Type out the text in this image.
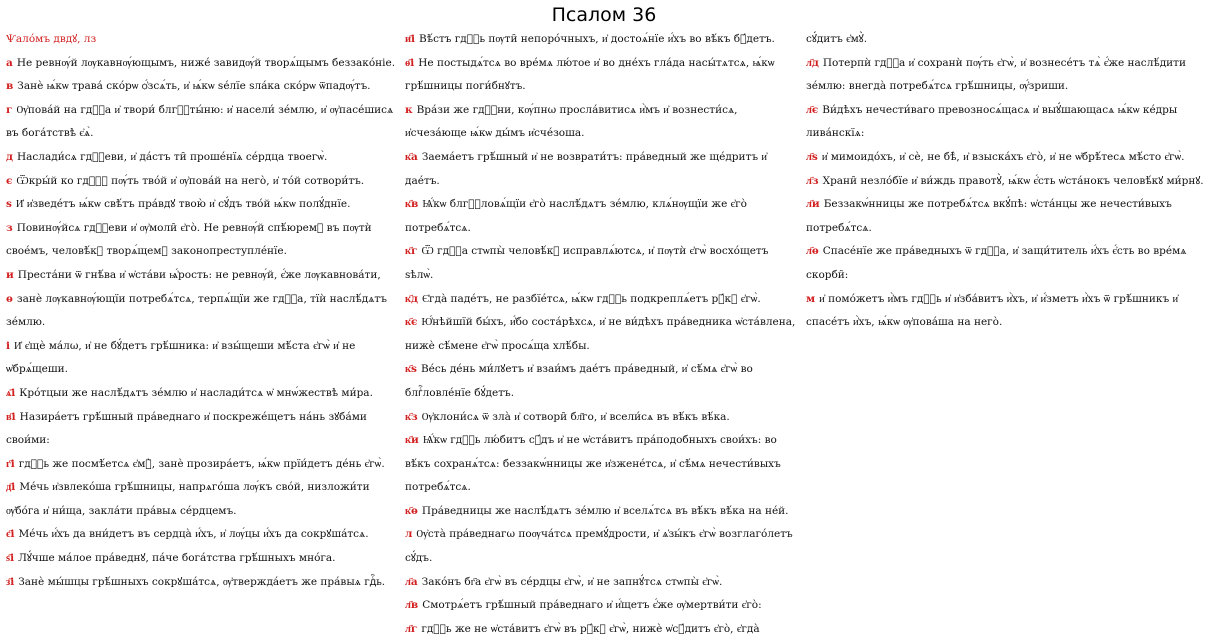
Псалом 36

Ѱалóмъ двдꙋ, лз

а Не ревнѹ́й лѹкавнѹ́ющымъ, нижé завидѹ́й творѧ́щымъ беззакóніе.

в Занѐ ѩ́кѡ травá скóрѡ ѻ҆́зсѧ́ть, и҆ ѩ́кѡ ѕе́лїе ѕла́ка скóрѡ ѿпадѹ́тъ.

г Ѹ҆пова́й на гдⷭ҇а и҆ твори́ блгⷭ҇ты́ню: и҆ насели́ зе́млю, и҆ ѹ҆пасе́шисѧ въ богáтствѣ є҆ѧ̀.

д Наслади́сѧ гдⷭ҇еви, и҆ да́стъ ти̑ проше́нїѧ се́рдца твоегѡ̀.

є Ѿкры́й ко гдⷭ҇ꙋ пѹ́ть тво́й и҆ ѹ҆пова́й на него̀, и҆ то́й сотвори́тъ.

ѕ И҆ и҆зведе́тъ ѩ́кѡ свѣ́тъ пра́вдꙋ твою̀ и҆ сꙋ́дъ тво́й ѩ́кѡ полꙋ́днїе.

з Повинѹ́йсѧ гдⷭ҇еви и҆ ѹ҆моли̑ є҆го̀. Не ревнѹ́й спѣ́юремꙋ въ пѹтѝ свое́мъ, человѣ́кꙋ творѧ́щемꙋ законопреступле́нїе.

и Преста́ни ѿ гнѣ́ва и҆ ѡ҆ста́ви ѩ҆́рость: не ревнѹ́й, є҆́же лѹкавнова́ти,

ѳ занѐ лѹкавнѹ́ющїи потребѧ́тсѧ, терпѧ́щїи же гдⷭ҇а, тїѝ наслѣ́дѧтъ зе́млю.

і И҆ є҆щѐ ма́лω, и҆ не бꙋ́детъ грѣ́шника: и҆ взы́щеши мѣ́ста є҆гѡ̀ и҆ не ѡ҆брѧ́щеши.

ѧ҃і Кро́тцыи же наслѣ́дѧтъ зе́млю и҆ наслади́тсѧ ѡ҆ мнѡ́жествѣ ми́ра.

в҃і Назира́етъ грѣ́шный пра́веднаго и҆ поскреже́щетъ на́нь зꙋба́ми свои́ми:

г҃і гдⷭ҇ь же посмѣ́етсѧ є҆мꙋ̀, занѐ прозира́етъ, ѩ́кѡ прїи́детъ де́нь є҆гѡ̀.

д҃і Ме́чь и҆звлеко́ша грѣ́шницы, напрѧго́ша лѹ́къ сво́й, низложи́ти ѹ҆бо́га и҆ ни́ща, закла́ти пра́выѧ се́рдцемъ.

є҃і Ме́чь и҆́хъ да вни́детъ въ сердца̀ и҆́хъ, и҆ лѹ́цы и҆́хъ да сокрꙋша́тсѧ.

ѕ҃і Лꙋ́чше ма́лое пра́веднꙋ, па́че бога́тства грѣ́шныхъ мно́га.

з҃і Занѐ мы́шцы грѣ́шныхъ сокрꙋша́тсѧ, ѹ҆твержда́етъ же пра́выѧ гдⷭ҇ь.

и҃і Вѣ́стъ гдⷭ҇ь пѹти̑ непоро́чныхъ, и҆ достоѧ́нїе и҆́хъ во вѣ́къ бꙋ́детъ.

ѳ҃і Не постыдѧ́тсѧ во вре́мѧ лю́тое и҆ во дне́хъ гла́да насы́тѧтсѧ, ѩ́кѡ грѣ́шницы поги́бнꙋтъ.

к Вра́зи же гдⷭ҇ни, кѹ́пнω просла́витисѧ и҆̀мъ и҆ вознести́сѧ, и҆счеза́юще ѩ́кѡ ды́мъ и҆сче́зоша.

к҃а Заема́етъ грѣ́шный и҆ не возврати́тъ: пра́ведный же ще́дритъ и҆ дае́тъ.

к҃в Ѩ҆́кѡ блгⷭ҇ловѧ́щїи є҆го̀ наслѣ́дѧтъ зе́млю, клѧ́нѹщїи же є҆го̀ потребѧ́тсѧ.

к҃г Ѿ гдⷭ҇а стѡпы̀ человѣ́кꙋ исправлѧ́ютсѧ, и҆ пѹтѝ є҆гѡ̀ восхо́щетъ ѕѣлѡ̀.

к҃д Є҆гда̀ паде́тъ, не разбїе́тсѧ, ѩ́кѡ гдⷭ҇ь подкреплѧ́етъ рꙋ́кꙋ є҆гѡ̀.

к҃є Ю҆́нѣйшїй бы́хъ, и҆́бо соста́рѣхсѧ, и҆ не ви́дѣхъ пра́ведника ѡ҆ста́влена, нижѐ сѣ́мене є҆гѡ̀ просѧ́ща хлѣ́бы.

к҃ѕ Ве́сь де́нь ми́лꙋетъ и҆ взаи́мъ дае́тъ пра́ведный, и҆ сѣ́мѧ є҆гѡ̀ во блгⷭ҇ловле́нїе бꙋ́детъ.

к҃з Ѹ҆клони́сѧ ѿ зла̀ и҆ сотвори̑ бл҃го, и҆ всели́сѧ въ вѣ́къ вѣ́ка.

к҃и Ѩ҆́кѡ гдⷭ҇ь лю́битъ сꙋ́дъ и҆ не ѡ҆ста́витъ пра́подобныхъ свои́хъ: во вѣ́къ сохранѧ́тсѧ: беззакѡ́нницы же и҆зжене́тсѧ, и҆ сѣ́мѧ нечести́выхъ потребѧ́тсѧ.

к҃ѳ Пра́ведницы же наслѣ́дѧтъ зе́млю и҆ вселѧ́тсѧ въ вѣ́къ вѣ́ка на не́й.

л Ѹ҆ста̀ пра́веднагω поѹча́тсѧ премꙋ́дрости, и҆ ѧ҆зы́къ є҆гѡ̀ возглаго́летъ сꙋ́дъ.

л҃а Зако́нъ бг҃а є҆гѡ̀ въ се́рдцы є҆гѡ̀, и҆ не запнꙋ́тсѧ стѡпы̀ є҆гѡ̀.

л҃в Смотрѧ́етъ грѣ́шный пра́веднаго и҆ и҆́щетъ є҆́же ѹ҆мертви́ти є҆го̀:

л҃г гдⷭ҇ь же не ѡ҆ста́витъ є҆гѡ̀ въ рꙋ́кꙋ є҆гѡ̀, нижѐ ѡ҆сꙋ́дитъ є҆го̀, є҆гда̀

сꙋ́дитъ є҆мꙋ̀.

л҃д Потерпѝ гдⷭ҇а и҆ сохранѝ пѹ́ть є҆гѡ̀, и҆ вознесе́тъ тѧ̀ є҆́же наслѣ́дити зе́млю: внегда̀ потребѧ́тсѧ грѣ́шницы, ѹ҆́зриши.

л҃є Ви́дѣхъ нечести́ваго превозносѧ́щасѧ и҆ выꙋ́шающасѧ ѩ́кѡ ке́дры лива́нскїѧ:

л҃ѕ и҆ мимоидо́хъ, и҆ сѐ, не бѣ̀, и҆ взыска́хъ є҆го̀, и҆ не ѡ҆брѣ́тесѧ мѣ́сто є҆гѡ̀.

л҃з Храни̑ незло́бїе и҆ ви́ждь правотꙋ̀, ѩ́кѡ є҆́сть ѡ҆ста́нокъ человѣ́кꙋ ми́рнꙋ.

л҃и Беззакѡ́нницы же потребѧ́тсѧ вкꙋ́пѣ: ѡ҆ста́нцы же нечести́выхъ потребѧ́тсѧ.

л҃ѳ Спасе́нїе же пра́ведныхъ ѿ гдⷭ҇а, и҆ защи́титель и҆́хъ є҆́сть во вре́мѧ скорби̑:

м и҆ помо́жетъ и҆̀мъ гдⷭ҇ь и҆ и҆зба́витъ и҆̀хъ, и҆ и҆́зметъ и҆̀хъ ѿ грѣ́шникъ и҆ спасе́тъ и҆̀хъ, ѩ́кѡ ѹ҆пова́ша на него̀.
